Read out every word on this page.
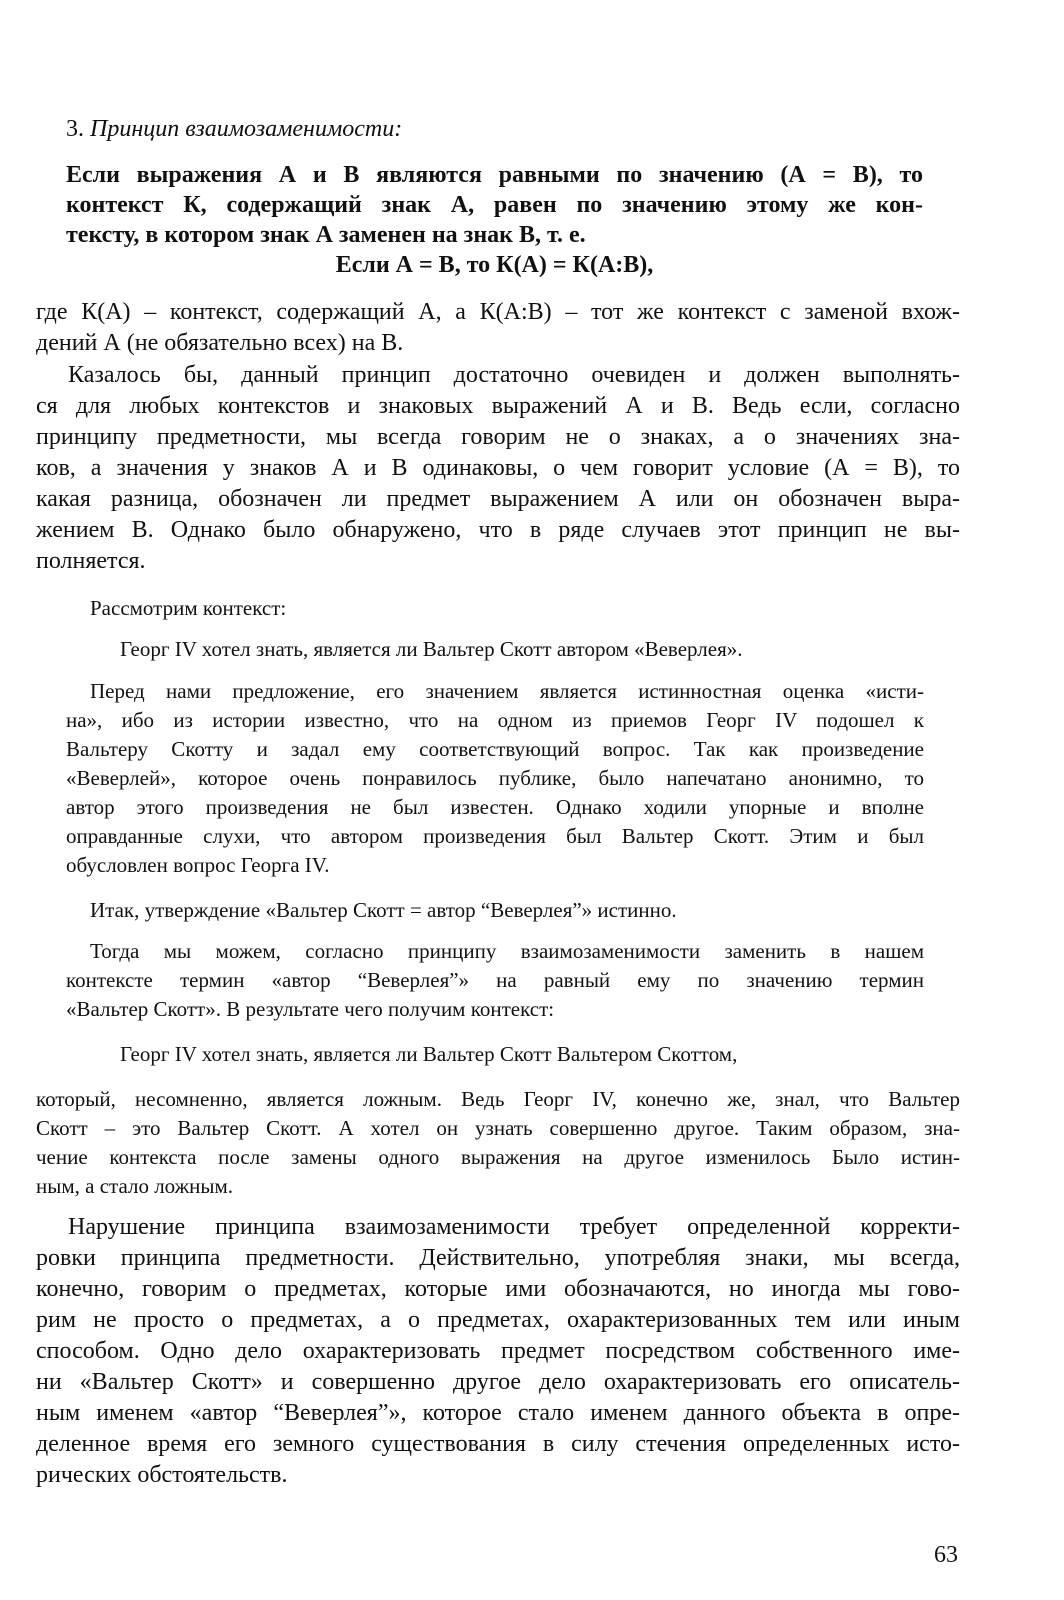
3. Принцип взаимозаменимости:
Если выражения А и В являются равными по значению (А = В), то
контекст К, содержащий знак А, равен по значению этому же кон-
тексту, в котором знак А заменен на знак В, т. е.
Если А = В, то К(А) = К(А:В),
где К(А) – контекст, содержащий А, а К(А:В) – тот же контекст с заменой вхож-
дений А (не обязательно всех) на В.
Казалось бы, данный принцип достаточно очевиден и должен выполнять-
ся для любых контекстов и знаковых выражений А и В. Ведь если, согласно
принципу предметности, мы всегда говорим не о знаках, а о значениях зна-
ков, а значения у знаков А и В одинаковы, о чем говорит условие (А = В), то
какая разница, обозначен ли предмет выражением А или он обозначен выра-
жением В. Однако было обнаружено, что в ряде случаев этот принцип не вы-
полняется.
Рассмотрим контекст:
Георг IV хотел знать, является ли Вальтер Скотт автором «Веверлея».
Перед нами предложение, его значением является истинностная оценка «исти-
на», ибо из истории известно, что на одном из приемов Георг IV подошел к
Вальтеру Скотту и задал ему соответствующий вопрос. Так как произведение
«Веверлей», которое очень понравилось публике, было напечатано анонимно, то
автор этого произведения не был известен. Однако ходили упорные и вполне
оправданные слухи, что автором произведения был Вальтер Скотт. Этим и был
обусловлен вопрос Георга IV.
Итак, утверждение «Вальтер Скотт = автор “Веверлея”» истинно.
Тогда мы можем, согласно принципу взаимозаменимости заменить в нашем
контексте термин «автор “Веверлея”» на равный ему по значению термин
«Вальтер Скотт». В результате чего получим контекст:
Георг IV хотел знать, является ли Вальтер Скотт Вальтером Скоттом,
который, несомненно, является ложным. Ведь Георг IV, конечно же, знал, что Вальтер
Скотт – это Вальтер Скотт. А хотел он узнать совершенно другое. Таким образом, зна-
чение контекста после замены одного выражения на другое изменилось Было истин-
ным, а стало ложным.
Нарушение принципа взаимозаменимости требует определенной корректи-
ровки принципа предметности. Действительно, употребляя знаки, мы всегда,
конечно, говорим о предметах, которые ими обозначаются, но иногда мы гово-
рим не просто о предметах, а о предметах, охарактеризованных тем или иным
способом. Одно дело охарактеризовать предмет посредством собственного име-
ни «Вальтер Скотт» и совершенно другое дело охарактеризовать его описатель-
ным именем «автор “Веверлея”», которое стало именем данного объекта в опре-
деленное время его земного существования в силу стечения определенных исто-
рических обстоятельств.
63
